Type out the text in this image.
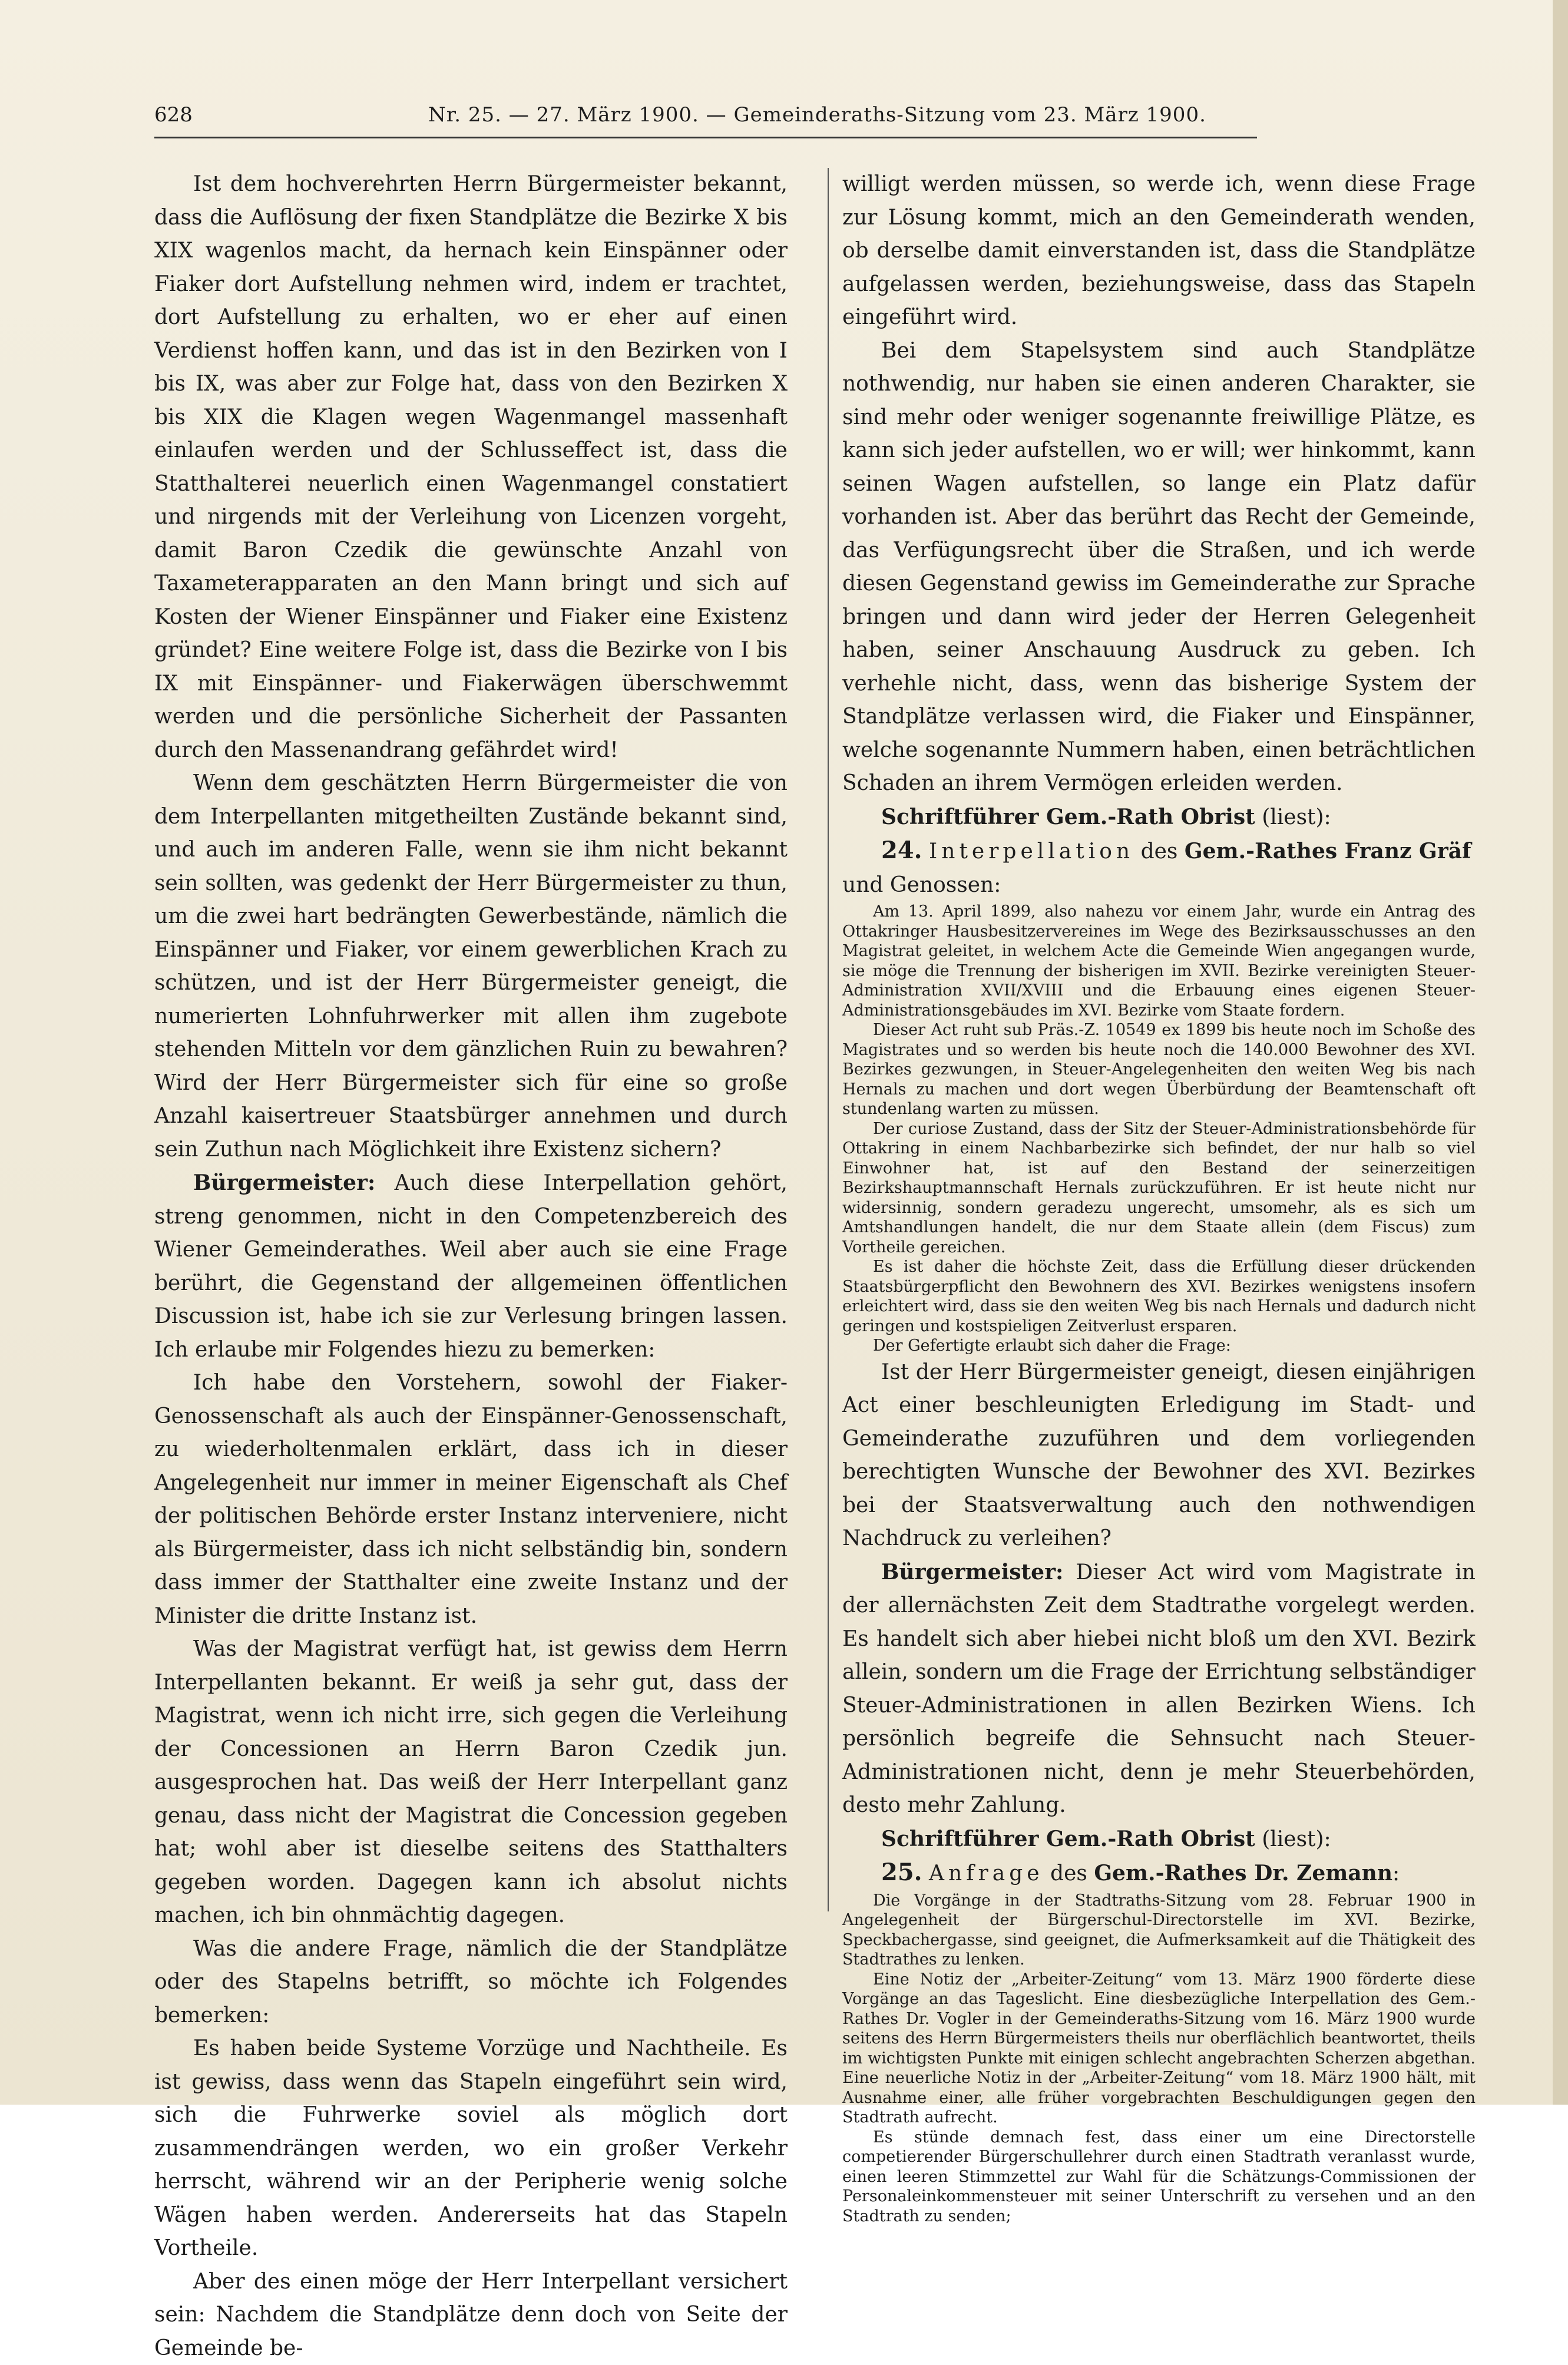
628	Nr. 25. — 27. März 1900. — Gemeinderaths-Sitzung vom 23. März 1900.

Ist dem hochverehrten Herrn Bürgermeister bekannt, dass die Auflösung der fixen Standplätze die Bezirke X bis XIX wagenlos macht, da hernach kein Einspänner oder Fiaker dort Aufstellung nehmen wird, indem er trachtet, dort Aufstellung zu erhalten, wo er eher auf einen Verdienst hoffen kann, und das ist in den Bezirken von I bis IX, was aber zur Folge hat, dass von den Bezirken X bis XIX die Klagen wegen Wagenmangel massenhaft einlaufen werden und der Schlusseffect ist, dass die Statthalterei neuerlich einen Wagenmangel constatiert und nirgends mit der Verleihung von Licenzen vorgeht, damit Baron Czedik die gewünschte Anzahl von Taxameterapparaten an den Mann bringt und sich auf Kosten der Wiener Einspänner und Fiaker eine Existenz gründet? Eine weitere Folge ist, dass die Bezirke von I bis IX mit Einspänner- und Fiakerwägen überschwemmt werden und die persönliche Sicherheit der Passanten durch den Massenandrang gefährdet wird!

Wenn dem geschätzten Herrn Bürgermeister die von dem Interpellanten mitgetheilten Zustände bekannt sind, und auch im anderen Falle, wenn sie ihm nicht bekannt sein sollten, was gedenkt der Herr Bürgermeister zu thun, um die zwei hart bedrängten Gewerbestände, nämlich die Einspänner und Fiaker, vor einem gewerblichen Krach zu schützen, und ist der Herr Bürgermeister geneigt, die numerierten Lohnfuhrwerker mit allen ihm zugebote stehenden Mitteln vor dem gänzlichen Ruin zu bewahren? Wird der Herr Bürgermeister sich für eine so große Anzahl kaisertreuer Staatsbürger annehmen und durch sein Zuthun nach Möglichkeit ihre Existenz sichern?

Bürgermeister: Auch diese Interpellation gehört, streng genommen, nicht in den Competenzbereich des Wiener Gemeinderathes. Weil aber auch sie eine Frage berührt, die Gegenstand der allgemeinen öffentlichen Discussion ist, habe ich sie zur Verlesung bringen lassen. Ich erlaube mir Folgendes hiezu zu bemerken:

Ich habe den Vorstehern, sowohl der Fiaker-Genossenschaft als auch der Einspänner-Genossenschaft, zu wiederholtenmalen erklärt, dass ich in dieser Angelegenheit nur immer in meiner Eigenschaft als Chef der politischen Behörde erster Instanz interveniere, nicht als Bürgermeister, dass ich nicht selbständig bin, sondern dass immer der Statthalter eine zweite Instanz und der Minister die dritte Instanz ist.

Was der Magistrat verfügt hat, ist gewiss dem Herrn Interpellanten bekannt. Er weiß ja sehr gut, dass der Magistrat, wenn ich nicht irre, sich gegen die Verleihung der Concessionen an Herrn Baron Czedik jun. ausgesprochen hat. Das weiß der Herr Interpellant ganz genau, dass nicht der Magistrat die Concession gegeben hat; wohl aber ist dieselbe seitens des Statthalters gegeben worden. Dagegen kann ich absolut nichts machen, ich bin ohnmächtig dagegen.

Was die andere Frage, nämlich die der Standplätze oder des Stapelns betrifft, so möchte ich Folgendes bemerken:

Es haben beide Systeme Vorzüge und Nachtheile. Es ist gewiss, dass wenn das Stapeln eingeführt sein wird, sich die Fuhrwerke soviel als möglich dort zusammendrängen werden, wo ein großer Verkehr herrscht, während wir an der Peripherie wenig solche Wägen haben werden. Andererseits hat das Stapeln Vortheile.

Aber des einen möge der Herr Interpellant versichert sein: Nachdem die Standplätze denn doch von Seite der Gemeinde be-

willigt werden müssen, so werde ich, wenn diese Frage zur Lösung kommt, mich an den Gemeinderath wenden, ob derselbe damit einverstanden ist, dass die Standplätze aufgelassen werden, beziehungsweise, dass das Stapeln eingeführt wird.

Bei dem Stapelsystem sind auch Standplätze nothwendig, nur haben sie einen anderen Charakter, sie sind mehr oder weniger sogenannte freiwillige Plätze, es kann sich jeder aufstellen, wo er will; wer hinkommt, kann seinen Wagen aufstellen, so lange ein Platz dafür vorhanden ist. Aber das berührt das Recht der Gemeinde, das Verfügungsrecht über die Straßen, und ich werde diesen Gegenstand gewiss im Gemeinderathe zur Sprache bringen und dann wird jeder der Herren Gelegenheit haben, seiner Anschauung Ausdruck zu geben. Ich verhehle nicht, dass, wenn das bisherige System der Standplätze verlassen wird, die Fiaker und Einspänner, welche sogenannte Nummern haben, einen beträchtlichen Schaden an ihrem Vermögen erleiden werden.

Schriftführer Gem.-Rath Obrist (liest):

24. Interpellation des Gem.-Rathes Franz Gräf

und Genossen:

Am 13. April 1899, also nahezu vor einem Jahr, wurde ein Antrag des Ottakringer Hausbesitzervereines im Wege des Bezirksausschusses an den Magistrat geleitet, in welchem Acte die Gemeinde Wien angegangen wurde, sie möge die Trennung der bisherigen im XVII. Bezirke vereinigten Steuer-Administration XVII/XVIII und die Erbauung eines eigenen Steuer-Administrationsgebäudes im XVI. Bezirke vom Staate fordern.

Dieser Act ruht sub Präs.-Z. 10549 ex 1899 bis heute noch im Schoße des Magistrates und so werden bis heute noch die 140.000 Bewohner des XVI. Bezirkes gezwungen, in Steuer-Angelegenheiten den weiten Weg bis nach Hernals zu machen und dort wegen Überbürdung der Beamtenschaft oft stundenlang warten zu müssen.

Der curiose Zustand, dass der Sitz der Steuer-Administrationsbehörde für Ottakring in einem Nachbarbezirke sich befindet, der nur halb so viel Einwohner hat, ist auf den Bestand der seinerzeitigen Bezirkshauptmannschaft Hernals zurückzuführen. Er ist heute nicht nur widersinnig, sondern geradezu ungerecht, umsomehr, als es sich um Amtshandlungen handelt, die nur dem Staate allein (dem Fiscus) zum Vortheile gereichen.

Es ist daher die höchste Zeit, dass die Erfüllung dieser drückenden Staatsbürgerpflicht den Bewohnern des XVI. Bezirkes wenigstens insofern erleichtert wird, dass sie den weiten Weg bis nach Hernals und dadurch nicht geringen und kostspieligen Zeitverlust ersparen.

Der Gefertigte erlaubt sich daher die Frage:

Ist der Herr Bürgermeister geneigt, diesen einjährigen Act einer beschleunigten Erledigung im Stadt- und Gemeinderathe zuzuführen und dem vorliegenden berechtigten Wunsche der Bewohner des XVI. Bezirkes bei der Staatsverwaltung auch den nothwendigen Nachdruck zu verleihen?

Bürgermeister: Dieser Act wird vom Magistrate in der allernächsten Zeit dem Stadtrathe vorgelegt werden. Es handelt sich aber hiebei nicht bloß um den XVI. Bezirk allein, sondern um die Frage der Errichtung selbständiger Steuer-Administrationen in allen Bezirken Wiens. Ich persönlich begreife die Sehnsucht nach Steuer-Administrationen nicht, denn je mehr Steuerbehörden, desto mehr Zahlung.

Schriftführer Gem.-Rath Obrist (liest):

25. Anfrage des Gem.-Rathes Dr. Zemann:

Die Vorgänge in der Stadtraths-Sitzung vom 28. Februar 1900 in Angelegenheit der Bürgerschul-Directorstelle im XVI. Bezirke, Speckbachergasse, sind geeignet, die Aufmerksamkeit auf die Thätigkeit des Stadtrathes zu lenken.

Eine Notiz der „Arbeiter-Zeitung“ vom 13. März 1900 förderte diese Vorgänge an das Tageslicht. Eine diesbezügliche Interpellation des Gem.-Rathes Dr. Vogler in der Gemeinderaths-Sitzung vom 16. März 1900 wurde seitens des Herrn Bürgermeisters theils nur oberflächlich beantwortet, theils im wichtigsten Punkte mit einigen schlecht angebrachten Scherzen abgethan. Eine neuerliche Notiz in der „Arbeiter-Zeitung“ vom 18. März 1900 hält, mit Ausnahme einer, alle früher vorgebrachten Beschuldigungen gegen den Stadtrath aufrecht.

Es stünde demnach fest, dass einer um eine Directorstelle competierender Bürgerschullehrer durch einen Stadtrath veranlasst wurde, einen leeren Stimmzettel zur Wahl für die Schätzungs-Commissionen der Personaleinkommensteuer mit seiner Unterschrift zu versehen und an den Stadtrath zu senden;
